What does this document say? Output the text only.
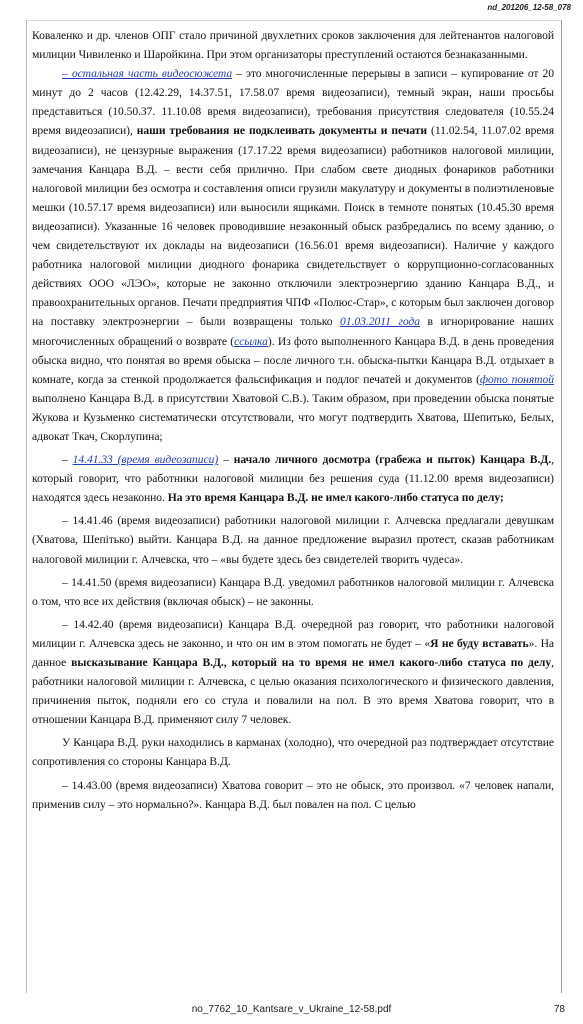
nd_201206_12-58_078

Коваленко и др. членов ОПГ стало причиной двухлетних сроков заключения для лейтенантов налоговой милиции Чивиленко и Шаройкина. При этом организаторы преступлений остаются безнаказанными.

– остальная часть видеосюжета – это многочисленные перерывы в записи – купирование от 20 минут до 2 часов (12.42.29, 14.37.51, 17.58.07 время видеозаписи), темный экран, наши просьбы представиться (10.50.37. 11.10.08 время видеозаписи), требования присутствия следователя (10.55.24 время видеозаписи), наши требования не подклеивать документы и печати (11.02.54, 11.07.02 время видеозаписи), не цензурные выражения (17.17.22 время видеозаписи) работников налоговой милиции, замечания Канцара В.Д. – вести себя прилично. При слабом свете диодных фонариков работники налоговой милиции без осмотра и составления описи грузили макулатуру и документы в полиэтиленовые мешки (10.57.17 время видеозаписи) или выносили ящиками. Поиск в темноте понятых (10.45.30 время видеозаписи). Указанные 16 человек проводившие незаконный обыск разбредались по всему зданию, о чем свидетельствуют их доклады на видеозаписи (16.56.01 время видеозаписи). Наличие у каждого работника налоговой милиции диодного фонарика свидетельствует о коррупционно-согласованных действиях ООО «ЛЭО», которые не законно отключили электроэнергию зданию Канцара В.Д., и правоохранительных органов. Печати предприятия ЧПФ «Полюс-Стар», с которым был заключен договор на поставку электроэнергии – были возвращены только 01.03.2011 года в игнорирование наших многочисленных обращений о возврате (ссылка). Из фото выполненного Канцара В.Д. в день проведения обыска видно, что понятая во время обыска – после личного т.н. обыска-пытки Канцара В.Д. отдыхает в комнате, когда за стенкой продолжается фальсификация и подлог печатей и документов (фото понятой выполнено Канцара В.Д. в присутствии Хватовой С.В.). Таким образом, при проведении обыска понятые Жукова и Кузьменко систематически отсутствовали, что могут подтвердить Хватова, Шепитько, Белых, адвокат Ткач, Скорлупина;

– 14.41.33 (время видеозаписи) – начало личного досмотра (грабежа и пыток) Канцара В.Д., который говорит, что работники налоговой милиции без решения суда (11.12.00 время видеозаписи) находятся здесь незаконно. На это время Канцара В.Д. не имел какого-либо статуса по делу;

– 14.41.46 (время видеозаписи) работники налоговой милиции г. Алчевска предлагали девушкам (Хватова, Шепітько) выйти. Канцара В.Д. на данное предложение выразил протест, сказав работникам налоговой милиции г. Алчевска, что – «вы будете здесь без свидетелей творить чудеса».

– 14.41.50 (время видеозаписи) Канцара В.Д. уведомил работников налоговой милиции г. Алчевска о том, что все их действия (включая обыск) – не законны.

– 14.42.40 (время видеозаписи) Канцара В.Д. очередной раз говорит, что работники налоговой милиции г. Алчевска здесь не законно, и что он им в этом помогать не будет – «Я не буду вставать». На данное высказывание Канцара В.Д., который на то время не имел какого-либо статуса по делу, работники налоговой милиции г. Алчевска, с целью оказания психологического и физического давления, причинения пыток, подняли его со стула и повалили на пол. В это время Хватова говорит, что в отношении Канцара В.Д. применяют силу 7 человек.

У Канцара В.Д. руки находились в карманах (холодно), что очередной раз подтверждает отсутствие сопротивления со стороны Канцара В.Д.

– 14.43.00 (время видеозаписи) Хватова говорит – это не обыск, это произвол. «7 человек напали, применив силу – это нормально?». Канцара В.Д. был повален на пол. С целью

no_7762_10_Kantsare_v_Ukraine_12-58.pdf	78
